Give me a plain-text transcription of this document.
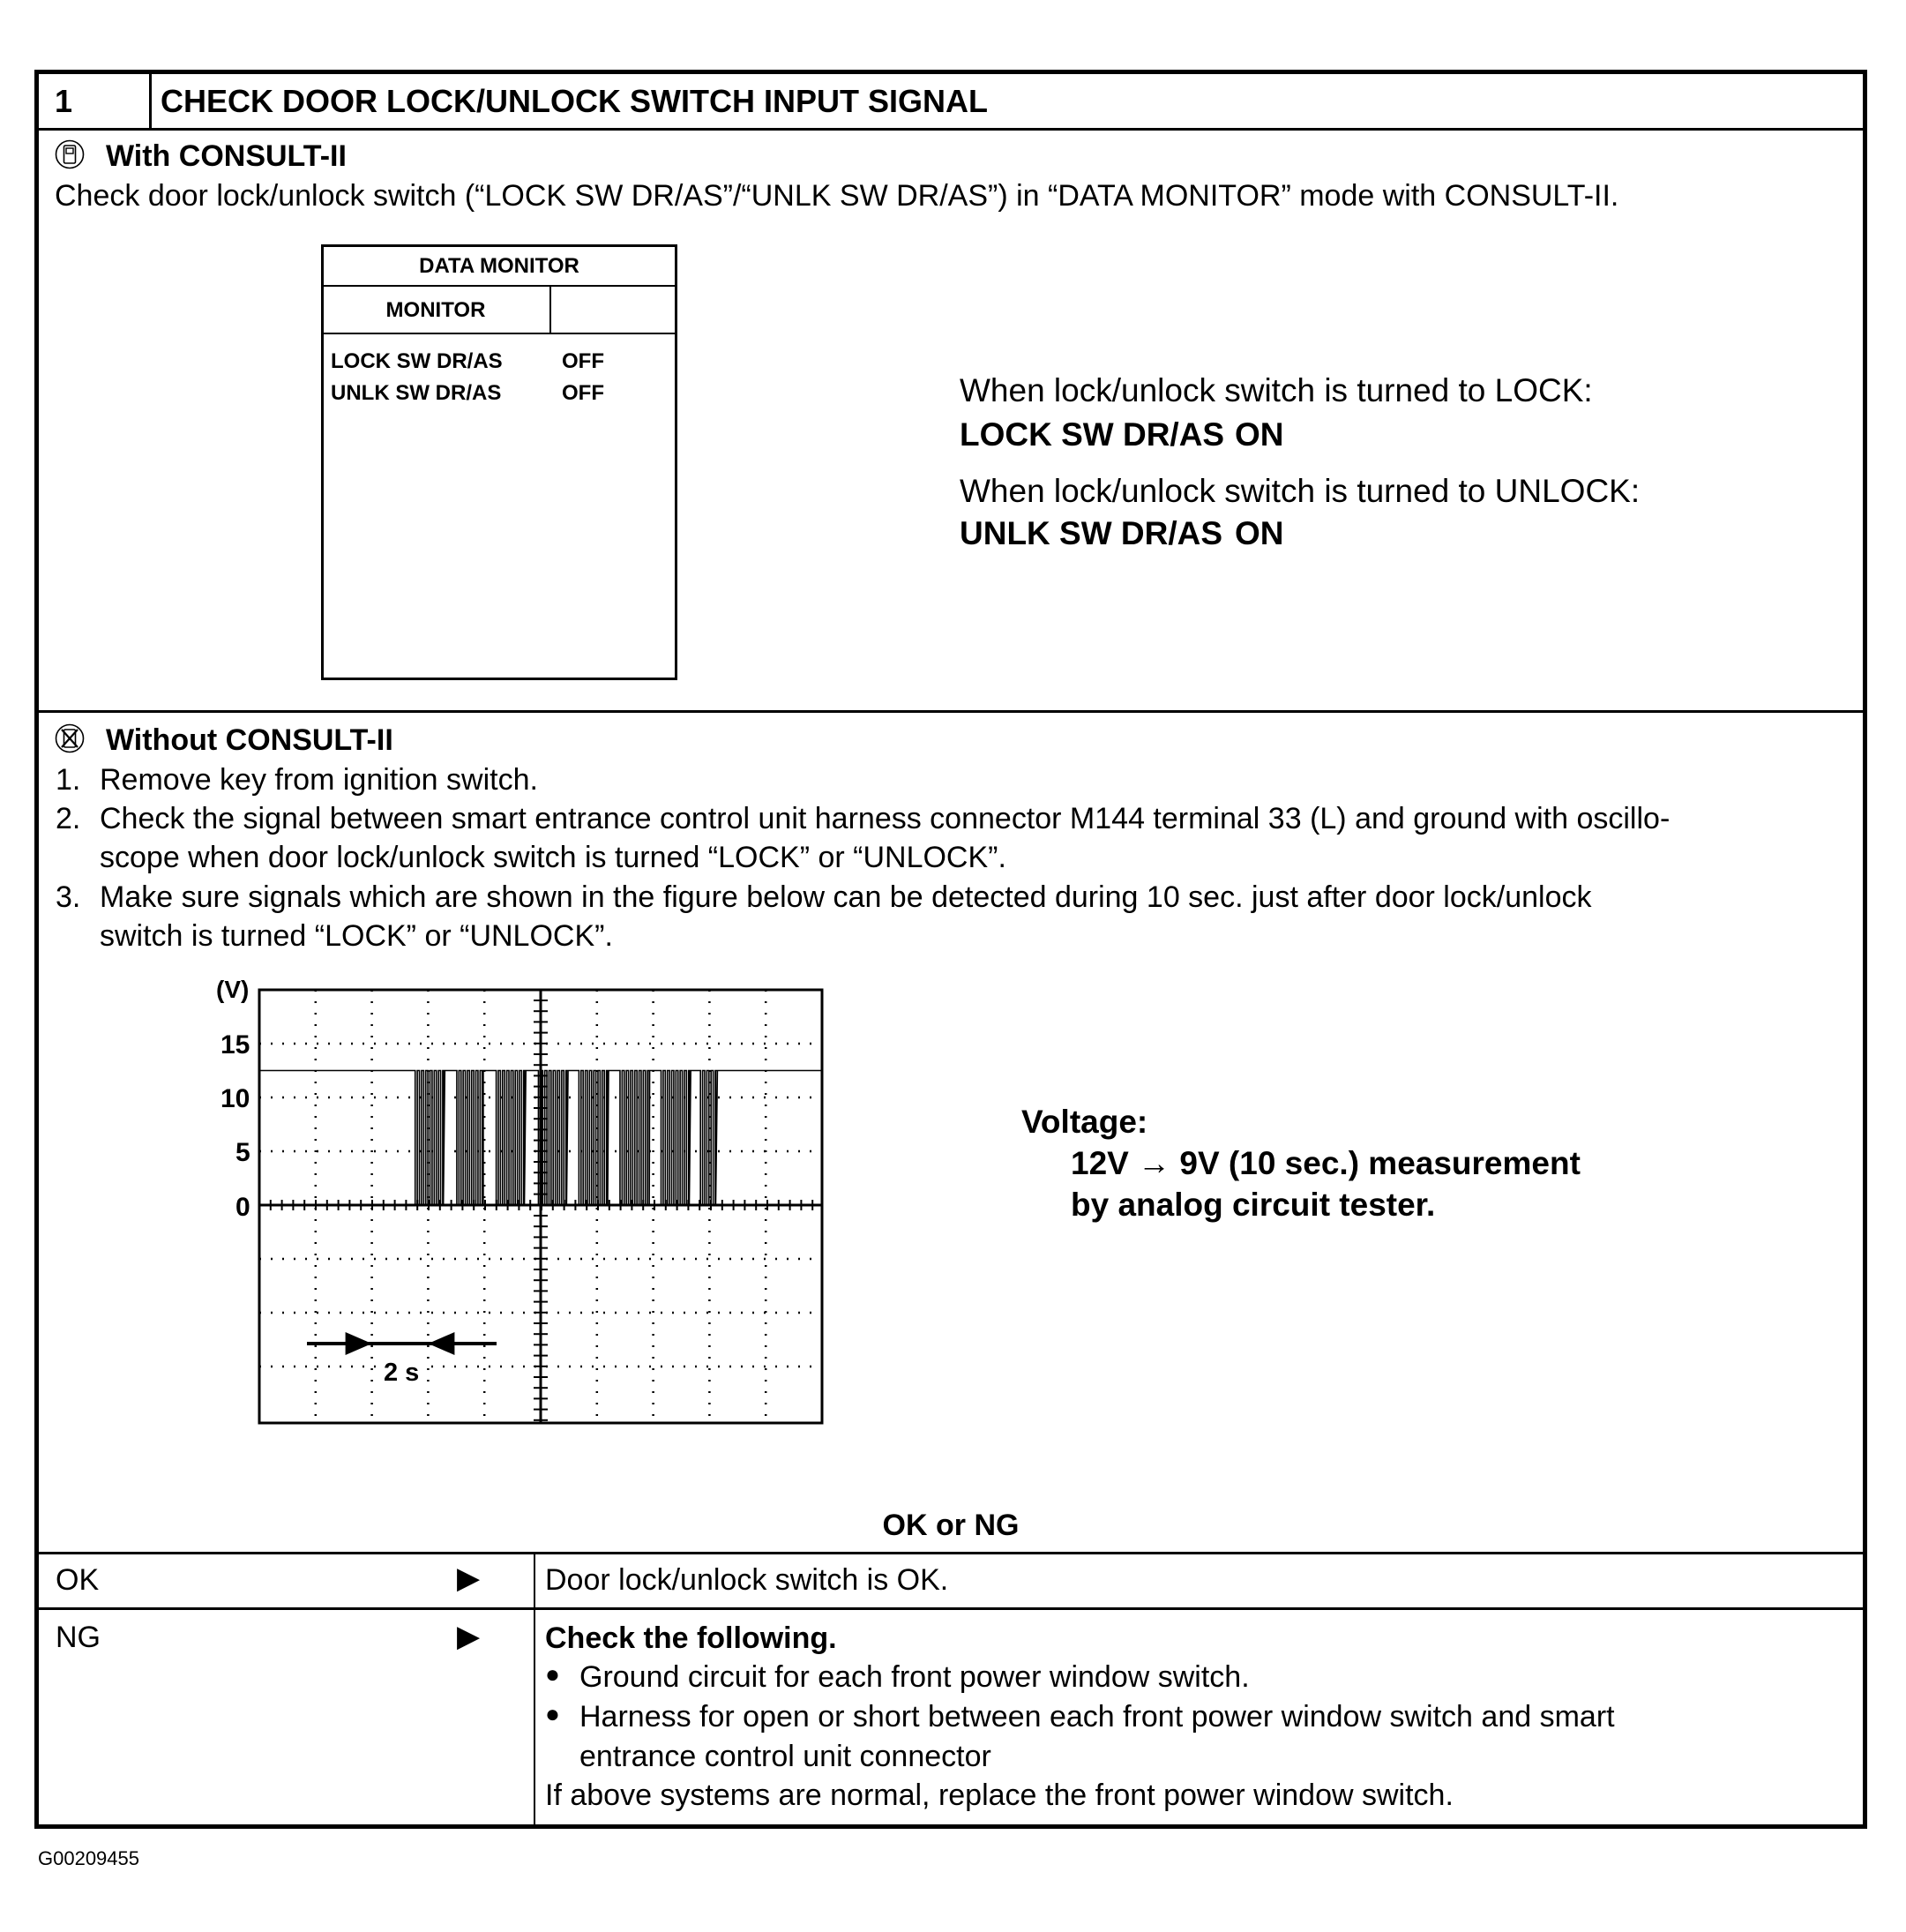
1	CHECK DOOR LOCK/UNLOCK SWITCH INPUT SIGNAL
With CONSULT-II
Check door lock/unlock switch (“LOCK SW DR/AS”/“UNLK SW DR/AS”) in “DATA MONITOR” mode with CONSULT-II.
DATA MONITOR
MONITOR
LOCK SW DR/AS	OFF
UNLK SW DR/AS	OFF	When lock/unlock switch is turned to LOCK:
LOCK SW DR/AS ON
When lock/unlock switch is turned to UNLOCK:
UNLK SW DR/AS ON
Without CONSULT-II
1. Remove key from ignition switch.
2. Check the signal between smart entrance control unit harness connector M144 terminal 33 (L) and ground with oscillo-
scope when door lock/unlock switch is turned “LOCK” or “UNLOCK”.
3. Make sure signals which are shown in the figure below can be detected during 10 sec. just after door lock/unlock
switch is turned “LOCK” or “UNLOCK”.
(V)
15
10
5
0
2 s
Voltage:
12V → 9V (10 sec.) measurement
by analog circuit tester.
OK or NG
OK	▶ Door lock/unlock switch is OK.
NG	▶ Check the following.
● Ground circuit for each front power window switch.
● Harness for open or short between each front power window switch and smart
entrance control unit connector
If above systems are normal, replace the front power window switch.
G00209455
